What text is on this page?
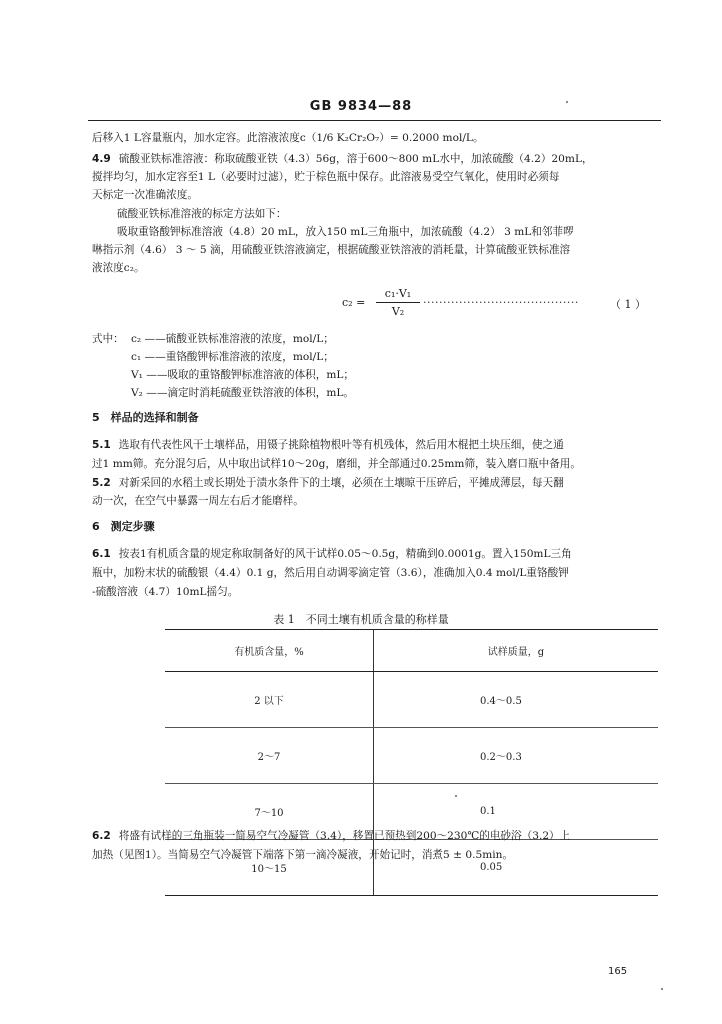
GB 9834—88
后移入1 L容量瓶内，加水定容。此溶液浓度c（1/6 K₂Cr₂O₇）= 0.2000 mol/L。
4.9 硫酸亚铁标准溶液：称取硫酸亚铁（4.3）56g，溶于600～800 mL水中，加浓硫酸（4.2）20mL，
搅拌均匀，加水定容至1 L（必要时过滤），贮于棕色瓶中保存。此溶液易受空气氧化，使用时必须每
天标定一次准确浓度。
硫酸亚铁标准溶液的标定方法如下：
吸取重铬酸钾标准溶液（4.8）20 mL，放入150 mL三角瓶中，加浓硫酸（4.2） 3 mL和邻菲啰
啉指示剂（4.6） 3 ～ 5 滴，用硫酸亚铁溶液滴定，根据硫酸亚铁溶液的消耗量，计算硫酸亚铁标准溶
液浓度c₂。
c₂ =
c₁·V₁
V₂
·······································	（ 1 ）
式中： c₂ ——硫酸亚铁标准溶液的浓度，mol/L；
c₁ ——重铬酸钾标准溶液的浓度，mol/L；
V₁ ——吸取的重铬酸钾标准溶液的体积，mL；
V₂ ——滴定时消耗硫酸亚铁溶液的体积，mL。
5　样品的选择和制备
5.1 选取有代表性风干土壤样品，用镊子挑除植物根叶等有机残体，然后用木棍把土块压细，使之通
过1 mm筛。充分混匀后，从中取出试样10～20g，磨细，并全部通过0.25mm筛，装入磨口瓶中备用。
5.2 对新采回的水稻土或长期处于渍水条件下的土壤，必须在土壤晾干压碎后，平摊成薄层，每天翻
动一次，在空气中暴露一周左右后才能磨样。
6　测定步骤
6.1 按表1有机质含量的规定称取制备好的风干试样0.05～0.5g，精确到0.0001g。置入150mL三角
瓶中，加粉末状的硫酸银（4.4）0.1 g，然后用自动调零滴定管（3.6），准确加入0.4 mol/L重铬酸钾
-硫酸溶液（4.7）10mL摇匀。
表 1　不同土壤有机质含量的称样量
有机质含量，%	试样质量，g
2 以下	0.4～0.5
2～7	0.2～0.3
7～10	0.1
10～15	0.05
6.2 将盛有试样的三角瓶装一简易空气冷凝管（3.4），移置已预热到200～230℃的电砂浴（3.2）上
加热（见图1）。当简易空气冷凝管下端落下第一滴冷凝液，开始记时，消煮5 ± 0.5min。
165
